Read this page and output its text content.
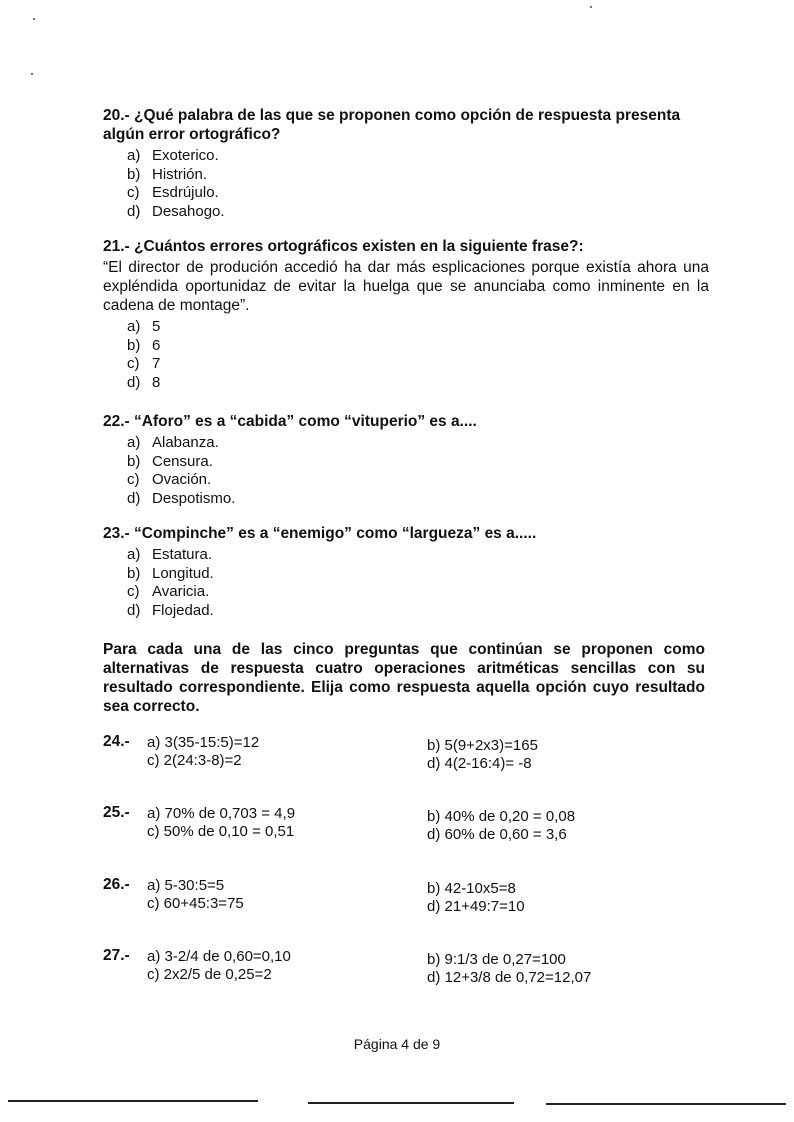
20.- ¿Qué palabra de las que se proponen como opción de respuesta presenta algún error ortográfico?
a) Exoterico.
b) Histrión.
c) Esdrújulo.
d) Desahogo.
21.- ¿Cuántos errores ortográficos existen en la siguiente frase?:
“El director de produción accedió ha dar más esplicaciones porque existía ahora una expléndida oportunidaz de evitar la huelga que se anunciaba como inminente en la cadena de montage”.
a) 5
b) 6
c) 7
d) 8
22.- “Aforo” es a “cabida” como “vituperio” es a....
a) Alabanza.
b) Censura.
c) Ovación.
d) Despotismo.
23.- “Compinche” es a “enemigo” como “largueza” es a.....
a) Estatura.
b) Longitud.
c) Avaricia.
d) Flojedad.
Para cada una de las cinco preguntas que continúan se proponen como alternativas de respuesta cuatro operaciones aritméticas sencillas con su resultado correspondiente. Elija como respuesta aquella opción cuyo resultado sea correcto.
24.- a) 3(35-15:5)=12
c) 2(24:3-8)=2
b) 5(9+2x3)=165
d) 4(2-16:4)= -8
25.- a) 70% de 0,703 = 4,9
c) 50% de 0,10 = 0,51
b) 40% de 0,20 = 0,08
d) 60% de 0,60 = 3,6
26.- a) 5-30:5=5
c) 60+45:3=75
b) 42-10x5=8
d) 21+49:7=10
27.- a) 3-2/4 de 0,60=0,10
c) 2x2/5 de 0,25=2
b) 9:1/3 de 0,27=100
d) 12+3/8 de 0,72=12,07
Página 4 de 9
